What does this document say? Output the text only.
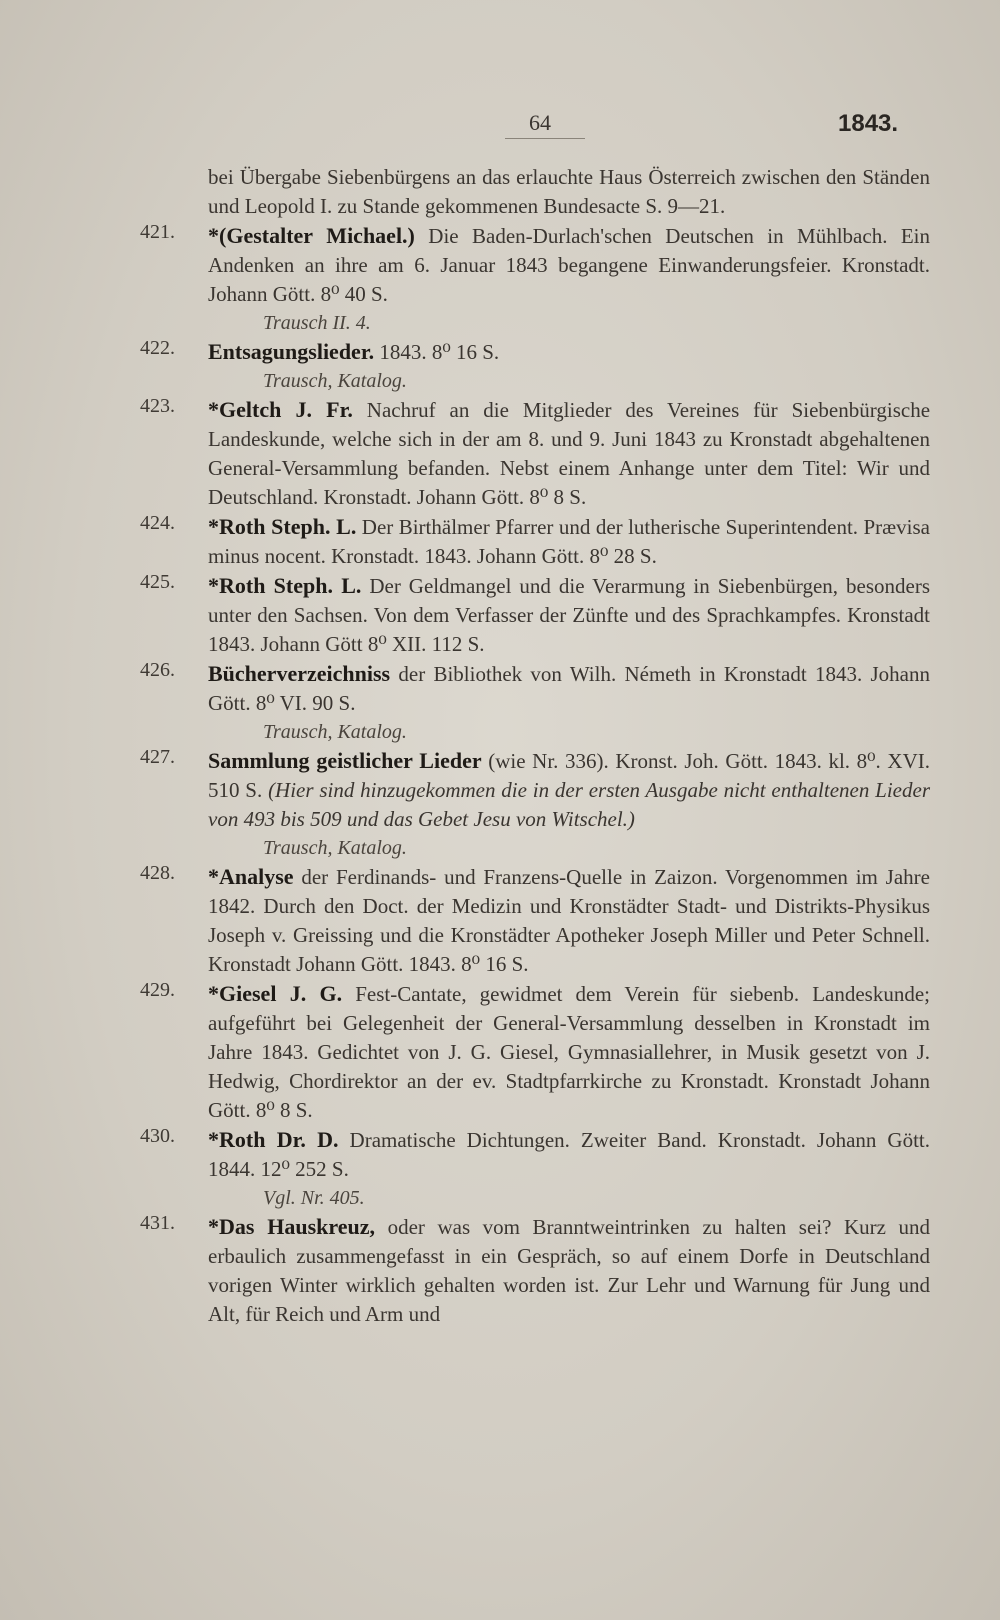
64	1843.
bei Übergabe Siebenbürgens an das erlauchte Haus Österreich zwischen den Ständen und Leopold I. zu Stande gekommenen Bundesacte S. 9—21.
421.	*(Gestalter Michael.) Die Baden-Durlach'schen Deutschen in Mühlbach. Ein Andenken an ihre am 6. Januar 1843 begangene Einwanderungsfeier. Kronstadt. Johann Gött. 8⁰ 40 S.
Trausch II. 4.
422.	Entsagungslieder. 1843. 8⁰ 16 S.
Trausch, Katalog.
423.	*Geltch J. Fr. Nachruf an die Mitglieder des Vereines für Siebenbürgische Landeskunde, welche sich in der am 8. und 9. Juni 1843 zu Kronstadt abgehaltenen General-Versammlung befanden. Nebst einem Anhange unter dem Titel: Wir und Deutschland. Kronstadt. Johann Gött. 8⁰ 8 S.
424.	*Roth Steph. L. Der Birthälmer Pfarrer und der lutherische Superintendent. Prævisa minus nocent. Kronstadt. 1843. Johann Gött. 8⁰ 28 S.
425.	*Roth Steph. L. Der Geldmangel und die Verarmung in Siebenbürgen, besonders unter den Sachsen. Von dem Verfasser der Zünfte und des Sprachkampfes. Kronstadt 1843. Johann Gött 8⁰ XII. 112 S.
426.	Bücherverzeichniss der Bibliothek von Wilh. Németh in Kronstadt 1843. Johann Gött. 8⁰ VI. 90 S.
Trausch, Katalog.
427.	Sammlung geistlicher Lieder (wie Nr. 336). Kronst. Joh. Gött. 1843. kl. 8⁰. XVI. 510 S. (Hier sind hinzugekommen die in der ersten Ausgabe nicht enthaltenen Lieder von 493 bis 509 und das Gebet Jesu von Witschel.)
Trausch, Katalog.
428.	*Analyse der Ferdinands- und Franzens-Quelle in Zaizon. Vorgenommen im Jahre 1842. Durch den Doct. der Medizin und Kronstädter Stadt- und Distrikts-Physikus Joseph v. Greissing und die Kronstädter Apotheker Joseph Miller und Peter Schnell. Kronstadt Johann Gött. 1843. 8⁰ 16 S.
429.	*Giesel J. G. Fest-Cantate, gewidmet dem Verein für siebenb. Landeskunde; aufgeführt bei Gelegenheit der General-Versammlung desselben in Kronstadt im Jahre 1843. Gedichtet von J. G. Giesel, Gymnasiallehrer, in Musik gesetzt von J. Hedwig, Chordirektor an der ev. Stadtpfarrkirche zu Kronstadt. Kronstadt Johann Gött. 8⁰ 8 S.
430.	*Roth Dr. D. Dramatische Dichtungen. Zweiter Band. Kronstadt. Johann Gött. 1844. 12⁰ 252 S.
Vgl. Nr. 405.
431.	*Das Hauskreuz, oder was vom Branntweintrinken zu halten sei? Kurz und erbaulich zusammengefasst in ein Gespräch, so auf einem Dorfe in Deutschland vorigen Winter wirklich gehalten worden ist. Zur Lehr und Warnung für Jung und Alt, für Reich und Arm und
